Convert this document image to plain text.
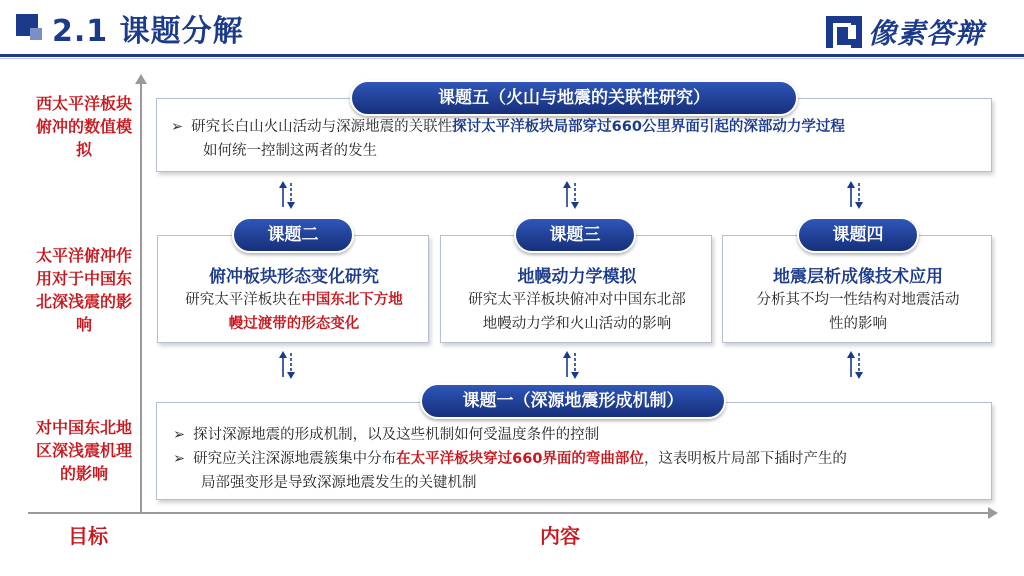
2.1 课题分解	像素答辩
西太平洋板块俯冲的数值模拟
太平洋俯冲作用对于中国东北深浅震的影响
对中国东北地区深浅震机理的影响
目标	内容
➢ 研究长白山火山活动与深源地震的关联性探讨太平洋板块局部穿过660公里界面引起的深部动力学过程
如何统一控制这两者的发生
课题五（火山与地震的关联性研究）
俯冲板块形态变化研究
研究太平洋板块在中国东北下方地
幔过渡带的形态变化
课题二
地幔动力学模拟
研究太平洋板块俯冲对中国东北部
地幔动力学和火山活动的影响
课题三
地震层析成像技术应用
分析其不均一性结构对地震活动
性的影响
课题四
➢ 探讨深源地震的形成机制，以及这些机制如何受温度条件的控制
➢ 研究应关注深源地震簇集中分布在太平洋板块穿过660界面的弯曲部位，这表明板片局部下插时产生的
局部强变形是导致深源地震发生的关键机制
课题一（深源地震形成机制）
